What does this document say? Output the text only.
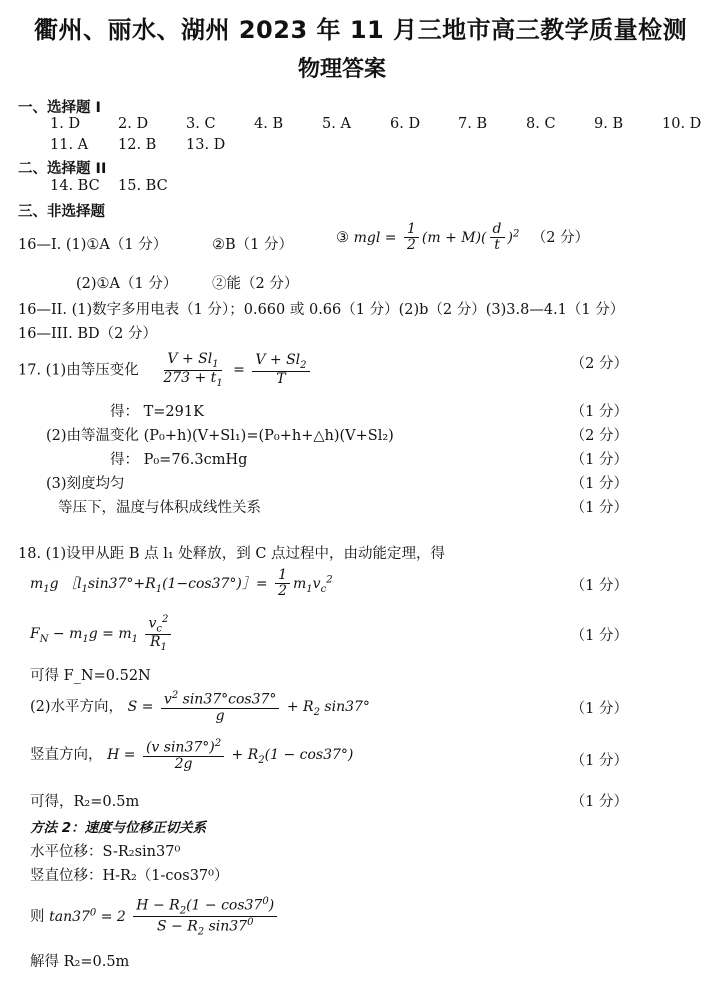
衢州、丽水、湖州 2023 年 11 月三地市高三教学质量检测
物理答案
一、选择题 I
1. D	2. D	3. C	4. B	5. A	6. D	7. B	8. C	9. B	10. D
11. A 12. B 13. D
二、选择题 II
14. BC 15. BC
三、非选择题
16—I. (1)①A（1 分）	②B（1 分）	③ mgl = $\frac{1}{2} (m + M)( \frac{d}{t} )^2$ （2 分）
(2)①A（1 分） ②能（2 分）
16—II. (1)数字多用电表（1 分）；0.660 或 0.66（1 分）(2)b（2 分）(3)3.8—4.1（1 分）
16—III. BD（2 分）
17. (1)由等压变化 $\frac{V + Sl_1}{273 + t_1} = \frac{V + Sl_2}{T}$	（2 分）
得： T=291K	（1 分）
(2)由等温变化 (P₀+h)(V+Sl₁)=(P₀+h+△h)(V+Sl₂)	（2 分）
得： P₀=76.3cmHg	（1 分）
(3)刻度均匀	（1 分）
等压下，温度与体积成线性关系	（1 分）
18. (1)设甲从距 B 点 l₁ 处释放，到 C 点过程中，由动能定理，得
$m_1g$ $[l_1\sin 37^\circ+R_1(1-\cos 37^\circ)]= \frac{1}{2} m_1v_c^2$	（1 分）
$F_N - m_1g = m_1 \frac{v_c^2}{R_1}$	（1 分）
可得 F_N=0.52N
(2)水平方向， $S = \frac{v^2 \sin 37^\circ\cos 37^\circ}{g} + R_2$ sin37°	（1 分）
竖直方向， $H = \frac{(v \sin 37^\circ)^2}{2g} + R_2(1 - \cos 37^\circ)$	（1 分）
可得，R₂=0.5m	（1 分）
方法 2：速度与位移正切关系
水平位移：S-R₂sin37⁰
竖直位移：H-R₂（1-cos37⁰）
则 $\tan 37^0 = 2 \frac{H - R_2(1 - \cos 37^0)}{S - R_2 \sin 37^0}$
解得 R₂=0.5m
